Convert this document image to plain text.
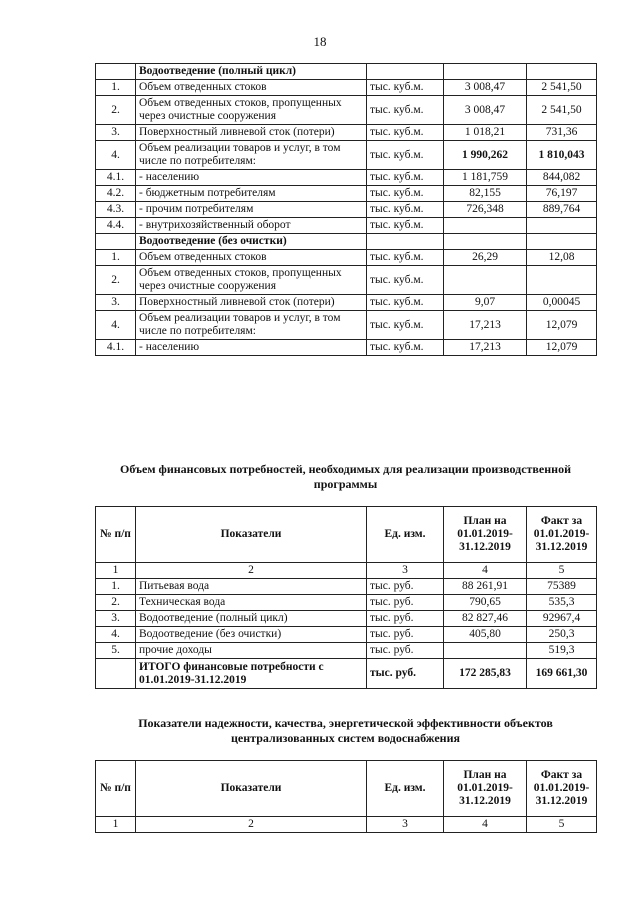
18
	Водоотведение (полный цикл)			
1.	Объем отведенных стоков	тыс. куб.м.	3 008,47	2 541,50
2.	Объем отведенных стоков, пропущенных через очистные сооружения	тыс. куб.м.	3 008,47	2 541,50
3.	Поверхностный ливневой сток (потери)	тыс. куб.м.	1 018,21	731,36
4.	Объем реализации товаров и услуг, в том числе по потребителям:	тыс. куб.м.	1 990,262	1 810,043
4.1.	- населению	тыс. куб.м.	1 181,759	844,082
4.2.	- бюджетным потребителям	тыс. куб.м.	82,155	76,197
4.3.	- прочим потребителям	тыс. куб.м.	726,348	889,764
4.4.	- внутрихозяйственный оборот	тыс. куб.м.		
	Водоотведение (без очистки)			
1.	Объем отведенных стоков	тыс. куб.м.	26,29	12,08
2.	Объем отведенных стоков, пропущенных через очистные сооружения	тыс. куб.м.		
3.	Поверхностный ливневой сток (потери)	тыс. куб.м.	9,07	0,00045
4.	Объем реализации товаров и услуг, в том числе по потребителям:	тыс. куб.м.	17,213	12,079
4.1.	- населению	тыс. куб.м.	17,213	12,079
Объем финансовых потребностей, необходимых для реализации производственной программы
№ п/п	Показатели	Ед. изм.	План на 01.01.2019-31.12.2019	Факт за 01.01.2019-31.12.2019
1	2	3	4	5
1.	Питьевая вода	тыс. руб.	88 261,91	75389
2.	Техническая вода	тыс. руб.	790,65	535,3
3.	Водоотведение (полный цикл)	тыс. руб.	82 827,46	92967,4
4.	Водоотведение (без очистки)	тыс. руб.	405,80	250,3
5.	прочие доходы	тыс. руб.		519,3
	ИТОГО финансовые потребности с 01.01.2019-31.12.2019	тыс. руб.	172 285,83	169 661,30
Показатели надежности, качества, энергетической эффективности объектов централизованных систем водоснабжения
№ п/п	Показатели	Ед. изм.	План на 01.01.2019-31.12.2019	Факт за 01.01.2019-31.12.2019
1	2	3	4	5
